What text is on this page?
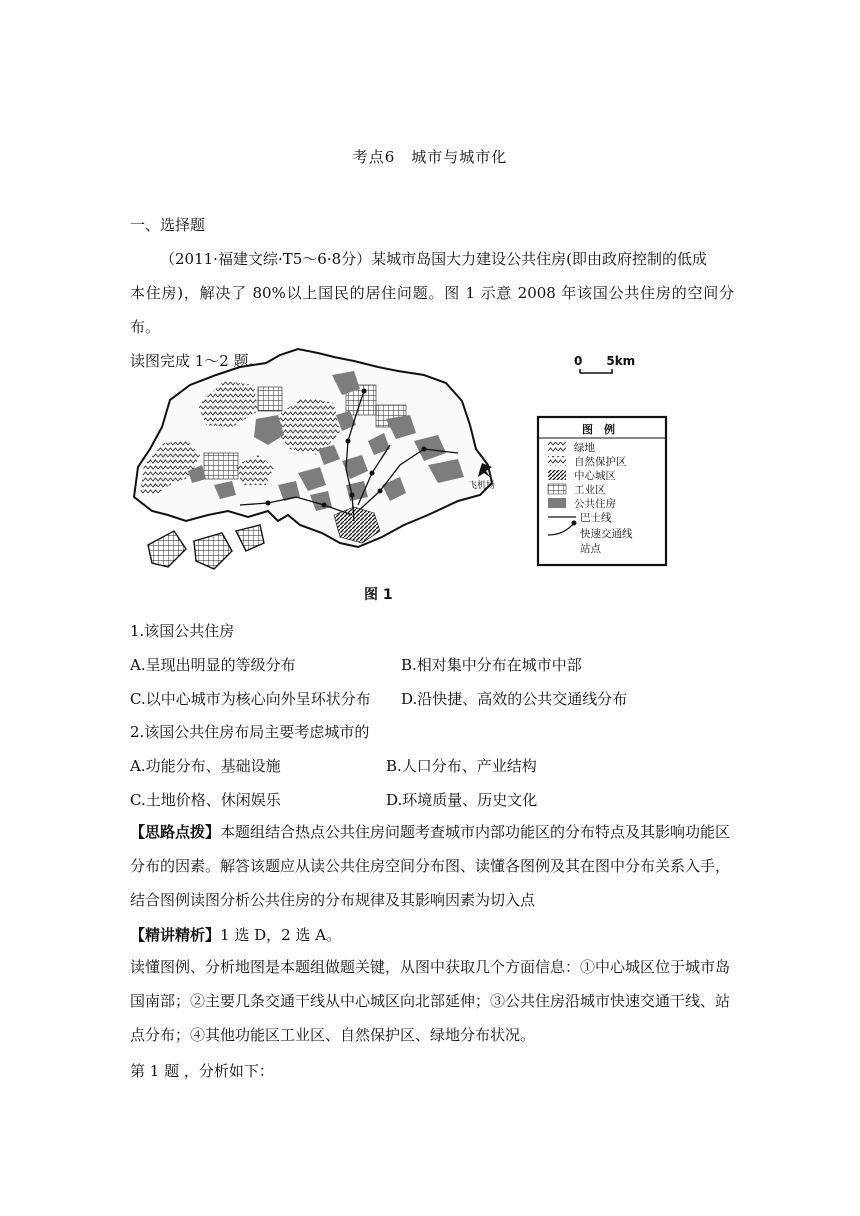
考点6　城市与城市化
一、选择题
（2011·福建文综·T5～6·8分）某城市岛国大力建设公共住房(即由政府控制的低成
本住房)，解决了 80%以上国民的居住问题。图 1 示意 2008 年该国公共住房的空间分布。
读图完成 1～2 题。
飞机场
0　　5km
图　例
绿地
自然保护区
中心城区
工业区
公共住房
巴士线
快速交通线
站点
图 1
1.该国公共住房
A.呈现出明显的等级分布	B.相对集中分布在城市中部
C.以中心城市为核心向外呈环状分布 D.沿快捷、高效的公共交通线分布
2.该国公共住房布局主要考虑城市的
A.功能分布、基础设施	B.人口分布、产业结构
C.土地价格、休闲娱乐	D.环境质量、历史文化
【思路点拨】本题组结合热点公共住房问题考查城市内部功能区的分布特点及其影响功能区
分布的因素。解答该题应从读公共住房空间分布图、读懂各图例及其在图中分布关系入手，
结合图例读图分析公共住房的分布规律及其影响因素为切入点
【精讲精析】1 选 D，2 选 A。
读懂图例、分析地图是本题组做题关键，从图中获取几个方面信息：①中心城区位于城市岛
国南部；②主要几条交通干线从中心城区向北部延伸；③公共住房沿城市快速交通干线、站
点分布；④其他功能区工业区、自然保护区、绿地分布状况。
第 1 题 ，分析如下：
